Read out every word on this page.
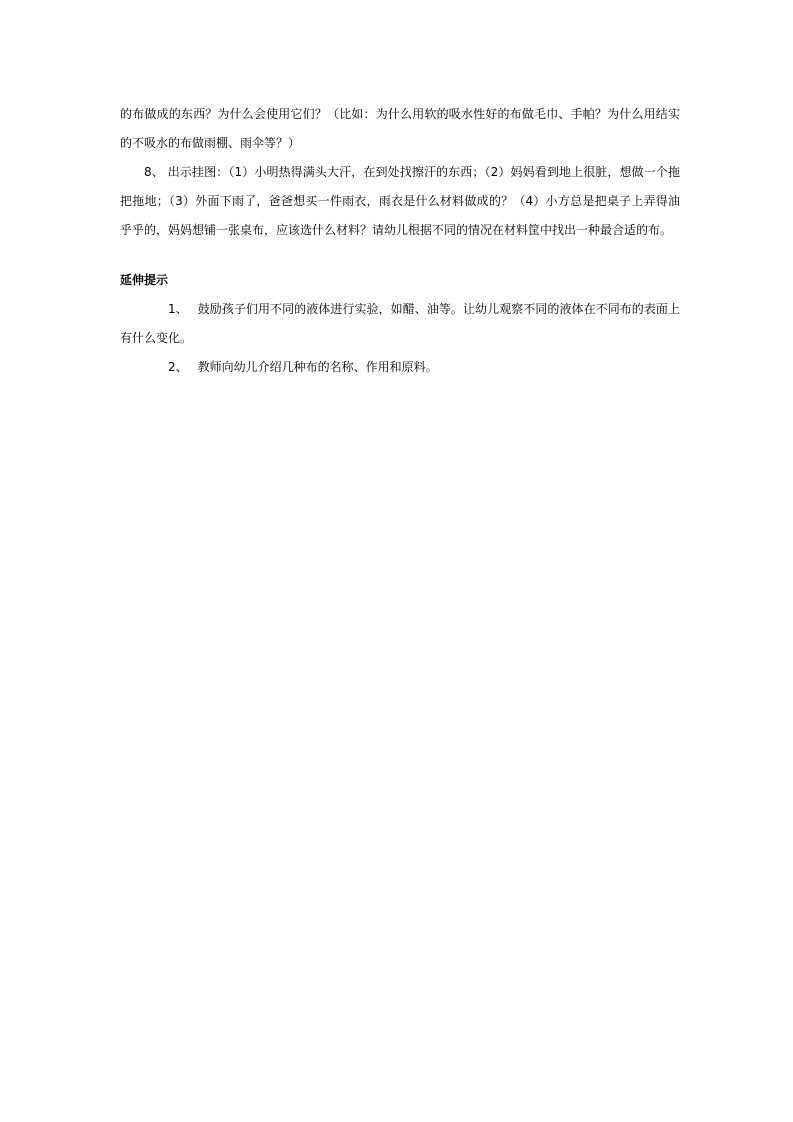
的布做成的东西？为什么会使用它们？（比如：为什么用软的吸水性好的布做毛巾、手帕？为什么用结实的不吸水的布做雨棚、雨伞等？）

8、 出示挂图：（1）小明热得满头大汗，在到处找擦汗的东西；（2）妈妈看到地上很脏，想做一个拖把拖地；（3）外面下雨了，爸爸想买一件雨衣，雨衣是什么材料做成的？（4）小方总是把桌子上弄得油乎乎的，妈妈想铺一张桌布，应该选什么材料？请幼儿根据不同的情况在材料筐中找出一种最合适的布。

延伸提示

1、 鼓励孩子们用不同的液体进行实验，如醋、油等。让幼儿观察不同的液体在不同布的表面上有什么变化。

2、 教师向幼儿介绍几种布的名称、作用和原料。
